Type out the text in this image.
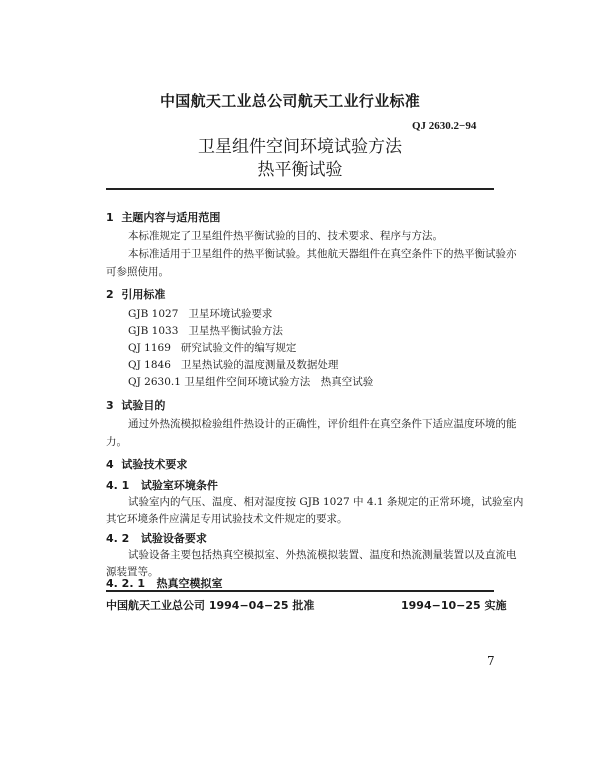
中国航天工业总公司航天工业行业标准
QJ 2630.2−94
卫星组件空间环境试验方法
热平衡试验
1 主题内容与适用范围
本标准规定了卫星组件热平衡试验的目的、技术要求、程序与方法。
本标准适用于卫星组件的热平衡试验。其他航天器组件在真空条件下的热平衡试验亦
可参照使用。
2 引用标准
GJB 1027 卫星环境试验要求
GJB 1033 卫星热平衡试验方法
QJ 1169 研究试验文件的编写规定
QJ 1846 卫星热试验的温度测量及数据处理
QJ 2630.1 卫星组件空间环境试验方法　热真空试验
3 试验目的
通过外热流模拟检验组件热设计的正确性，评价组件在真空条件下适应温度环境的能
力。
4 试验技术要求
4. 1 试验室环境条件
试验室内的气压、温度、相对湿度按 GJB 1027 中 4.1 条规定的正常环境，试验室内
其它环境条件应满足专用试验技术文件规定的要求。
4. 2 试验设备要求
试验设备主要包括热真空模拟室、外热流模拟装置、温度和热流测量装置以及直流电
源装置等。
4. 2. 1 热真空模拟室
中国航天工业总公司 1994−04−25 批准	1994−10−25 实施
7
